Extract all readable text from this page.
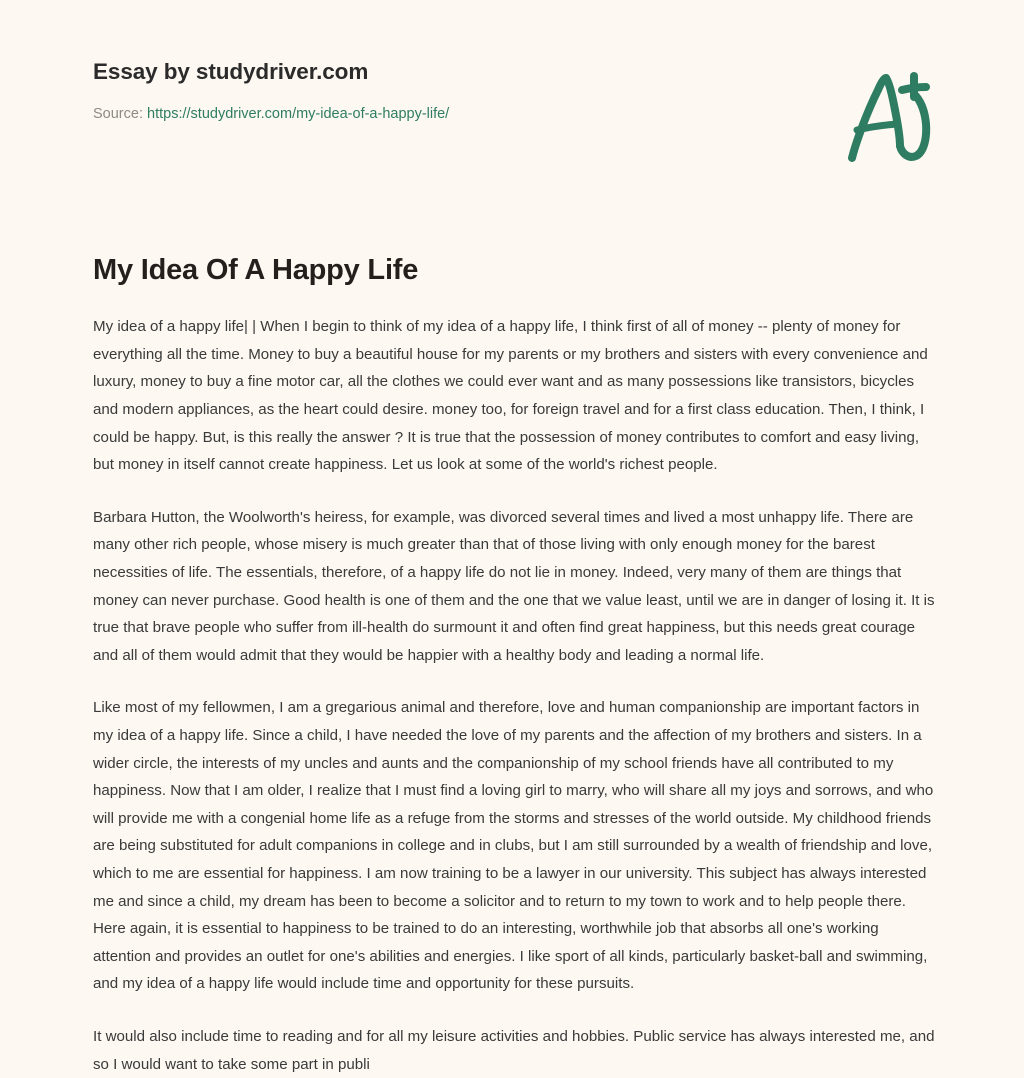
Essay by studydriver.com
Source: https://studydriver.com/my-idea-of-a-happy-life/
My Idea Of A Happy Life

My idea of a happy life| | When I begin to think of my idea of a happy life, I think first of all of money -- plenty of money for everything all the time. Money to buy a beautiful house for my parents or my brothers and sisters with every convenience and luxury, money to buy a fine motor car, all the clothes we could ever want and as many possessions like transistors, bicycles and modern appliances, as the heart could desire. money too, for foreign travel and for a first class education. Then, I think, I could be happy. But, is this really the answer ? It is true that the possession of money contributes to comfort and easy living, but money in itself cannot create happiness. Let us look at some of the world's richest people.

Barbara Hutton, the Woolworth's heiress, for example, was divorced several times and lived a most unhappy life. There are many other rich people, whose misery is much greater than that of those living with only enough money for the barest necessities of life. The essentials, therefore, of a happy life do not lie in money. Indeed, very many of them are things that money can never purchase. Good health is one of them and the one that we value least, until we are in danger of losing it. It is true that brave people who suffer from ill-health do surmount it and often find great happiness, but this needs great courage and all of them would admit that they would be happier with a healthy body and leading a normal life.

Like most of my fellowmen, I am a gregarious animal and therefore, love and human companionship are important factors in my idea of a happy life. Since a child, I have needed the love of my parents and the affection of my brothers and sisters. In a wider circle, the interests of my uncles and aunts and the companionship of my school friends have all contributed to my happiness. Now that I am older, I realize that I must find a loving girl to marry, who will share all my joys and sorrows, and who will provide me with a congenial home life as a refuge from the storms and stresses of the world outside. My childhood friends are being substituted for adult companions in college and in clubs, but I am still surrounded by a wealth of friendship and love, which to me are essential for happiness. I am now training to be a lawyer in our university. This subject has always interested me and since a child, my dream has been to become a solicitor and to return to my town to work and to help people there. Here again, it is essential to happiness to be trained to do an interesting, worthwhile job that absorbs all one's working attention and provides an outlet for one's abilities and energies. I like sport of all kinds, particularly basket-ball and swimming, and my idea of a happy life would include time and opportunity for these pursuits.

It would also include time to reading and for all my leisure activities and hobbies. Public service has always interested me, and so I would want to take some part in publi
